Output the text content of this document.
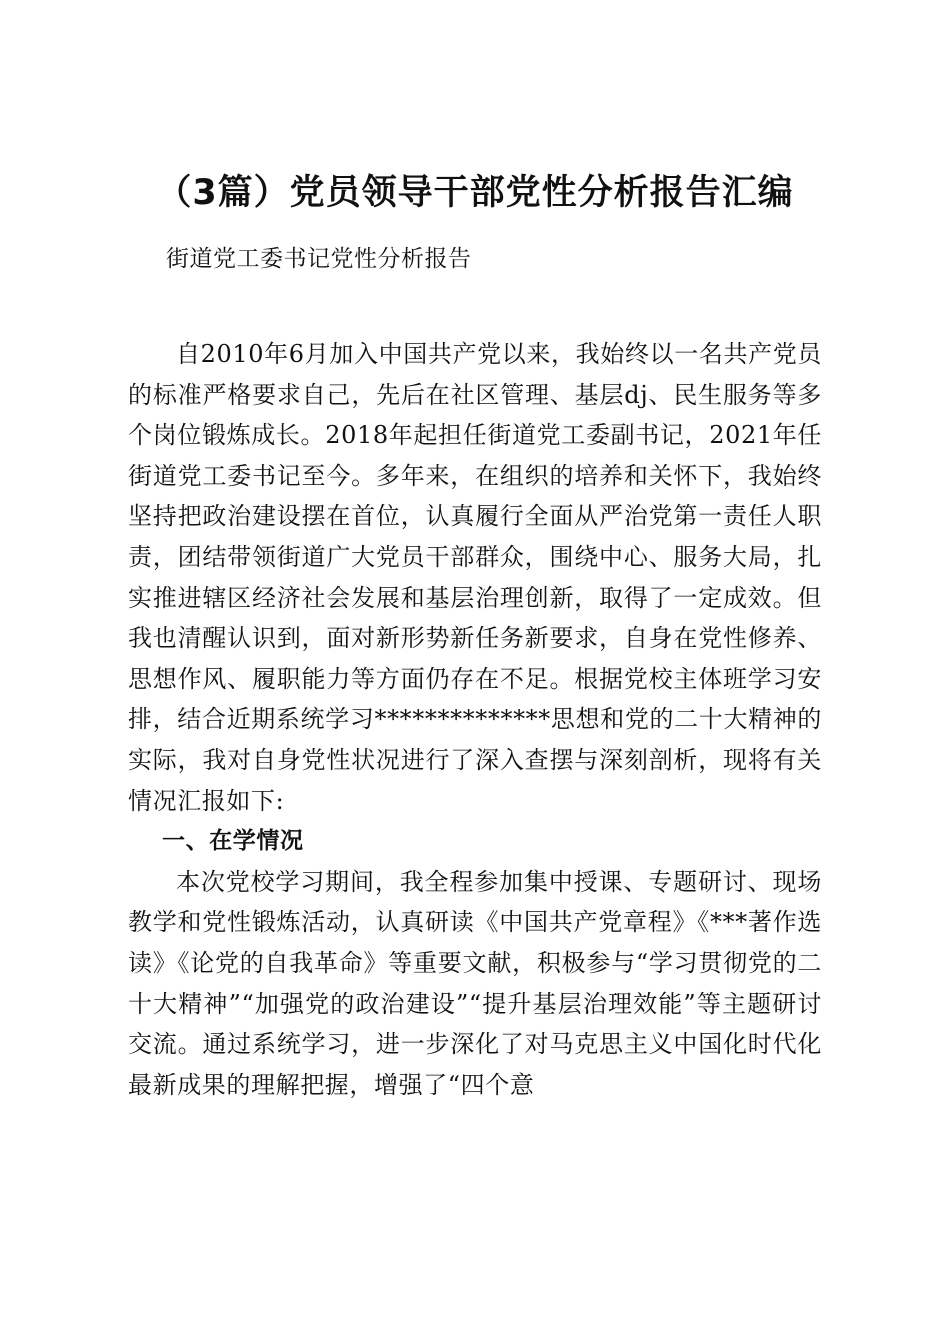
（3篇）党员领导干部党性分析报告汇编
街道党工委书记党性分析报告

自2010年6月加入中国共产党以来，我始终以一名共产党员的标准严格要求自己，先后在社区管理、基层dj、民生服务等多个岗位锻炼成长。2018年起担任街道党工委副书记，2021年任街道党工委书记至今。多年来，在组织的培养和关怀下，我始终坚持把政治建设摆在首位，认真履行全面从严治党第一责任人职责，团结带领街道广大党员干部群众，围绕中心、服务大局，扎实推进辖区经济社会发展和基层治理创新，取得了一定成效。但我也清醒认识到，面对新形势新任务新要求，自身在党性修养、思想作风、履职能力等方面仍存在不足。根据党校主体班学习安排，结合近期系统学习**************思想和党的二十大精神的实际，我对自身党性状况进行了深入查摆与深刻剖析，现将有关情况汇报如下:

一、在学情况

本次党校学习期间，我全程参加集中授课、专题研讨、现场教学和党性锻炼活动，认真研读《中国共产党章程》《***著作选读》《论党的自我革命》等重要文献，积极参与“学习贯彻党的二十大精神”“加强党的政治建设”“提升基层治理效能”等主题研讨交流。通过系统学习，进一步深化了对马克思主义中国化时代化最新成果的理解把握，增强了“四个意
